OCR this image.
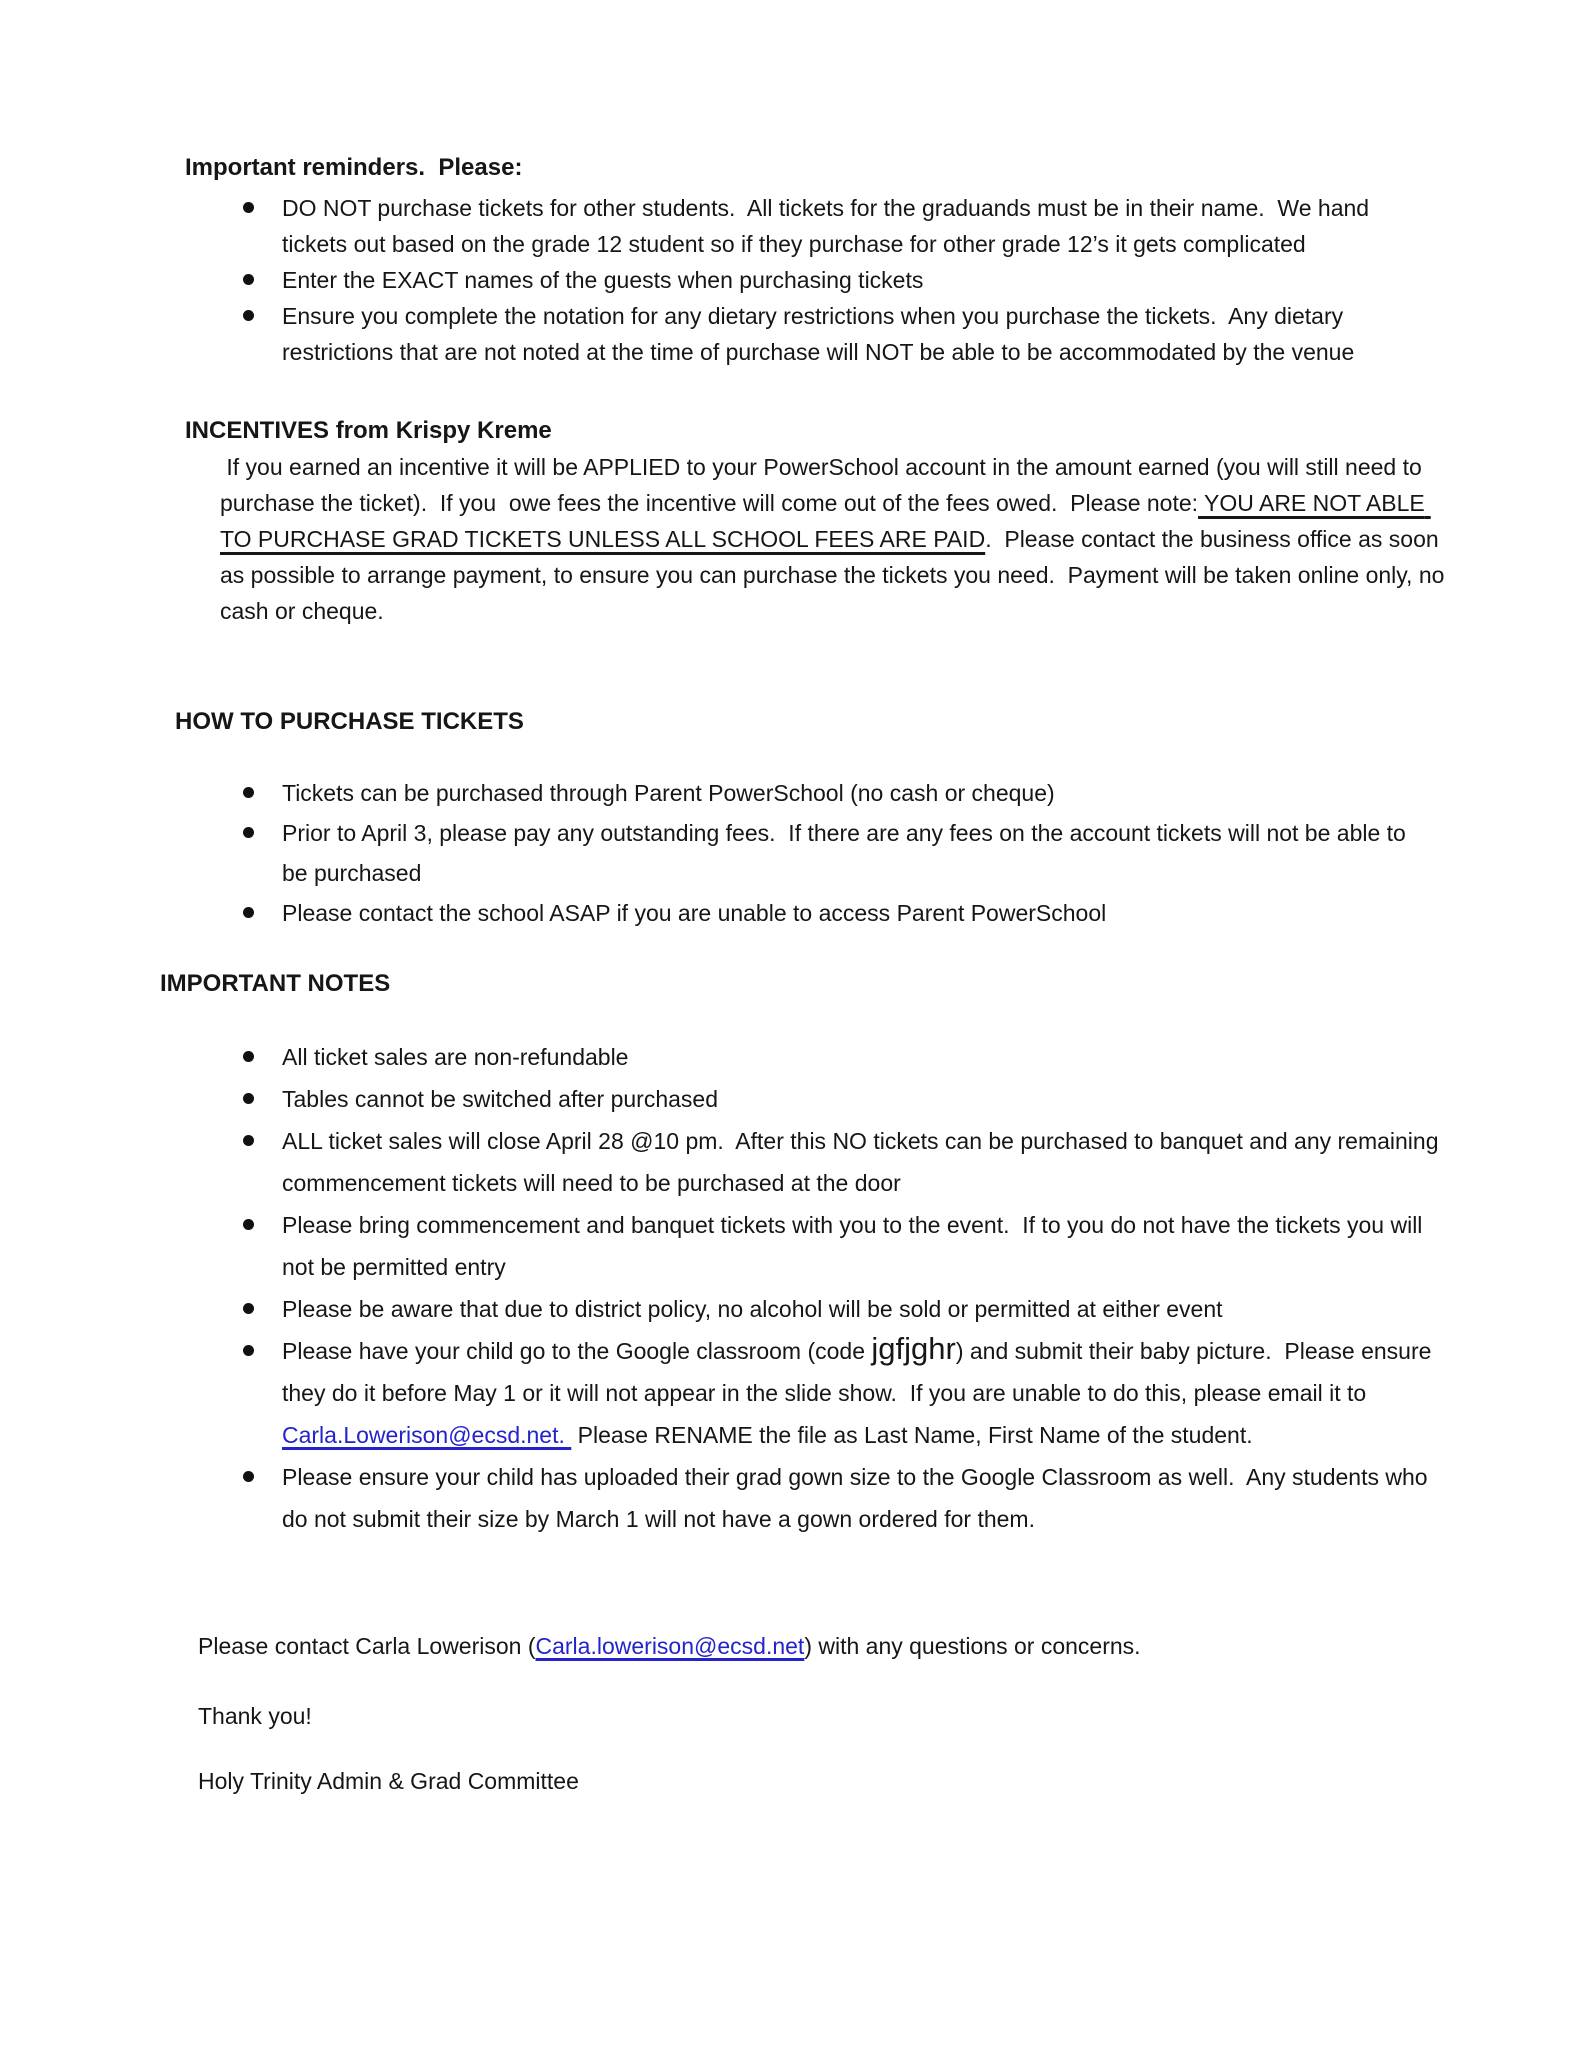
Important reminders.  Please:
DO NOT purchase tickets for other students.  All tickets for the graduands must be in their name.  We hand tickets out based on the grade 12 student so if they purchase for other grade 12’s it gets complicated
Enter the EXACT names of the guests when purchasing tickets
Ensure you complete the notation for any dietary restrictions when you purchase the tickets.  Any dietary restrictions that are not noted at the time of purchase will NOT be able to be accommodated by the venue
INCENTIVES from Krispy Kreme

If you earned an incentive it will be APPLIED to your PowerSchool account in the amount earned (you will still need to purchase the ticket).  If you  owe fees the incentive will come out of the fees owed.  Please note: YOU ARE NOT ABLE TO PURCHASE GRAD TICKETS UNLESS ALL SCHOOL FEES ARE PAID.  Please contact the business office as soon as possible to arrange payment, to ensure you can purchase the tickets you need.  Payment will be taken online only, no cash or cheque.

HOW TO PURCHASE TICKETS
Tickets can be purchased through Parent PowerSchool (no cash or cheque)
Prior to April 3, please pay any outstanding fees.  If there are any fees on the account tickets will not be able to be purchased
Please contact the school ASAP if you are unable to access Parent PowerSchool
IMPORTANT NOTES
All ticket sales are non-refundable
Tables cannot be switched after purchased
ALL ticket sales will close April 28 @10 pm.  After this NO tickets can be purchased to banquet and any remaining commencement tickets will need to be purchased at the door
Please bring commencement and banquet tickets with you to the event.  If to you do not have the tickets you will not be permitted entry
Please be aware that due to district policy, no alcohol will be sold or permitted at either event
Please have your child go to the Google classroom (code jgfjghr) and submit their baby picture.  Please ensure they do it before May 1 or it will not appear in the slide show.  If you are unable to do this, please email it to Carla.Lowerison@ecsd.net.  Please RENAME the file as Last Name, First Name of the student.
Please ensure your child has uploaded their grad gown size to the Google Classroom as well.  Any students who do not submit their size by March 1 will not have a gown ordered for them.

Please contact Carla Lowerison (Carla.lowerison@ecsd.net) with any questions or concerns.

Thank you!

Holy Trinity Admin & Grad Committee
